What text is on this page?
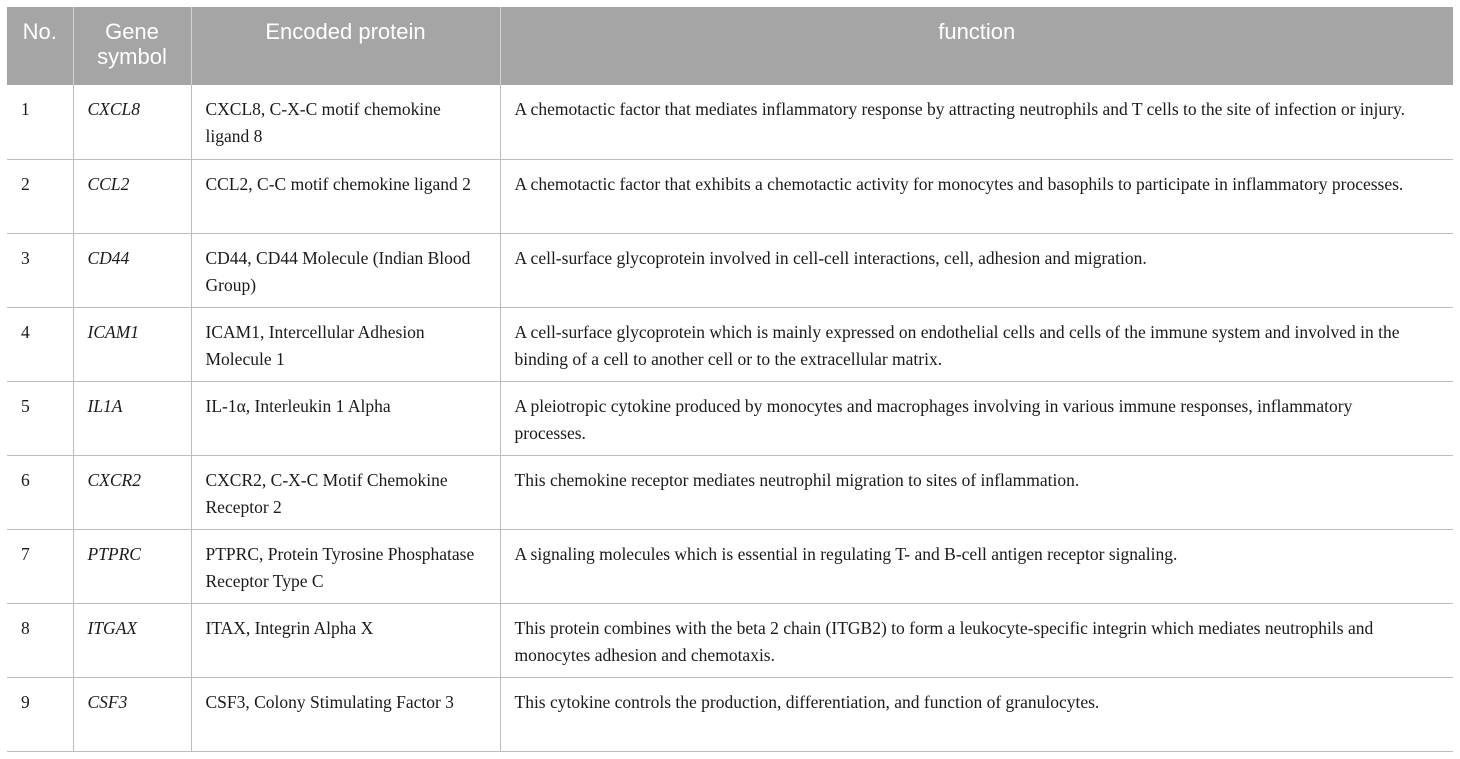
No.	Gene symbol	Encoded protein	function
1	CXCL8	CXCL8, C-X-C motif chemokine ligand 8	A chemotactic factor that mediates inflammatory response by attracting neutrophils and T cells to the site of infection or injury.
2	CCL2	CCL2, C-C motif chemokine ligand 2	A chemotactic factor that exhibits a chemotactic activity for monocytes and basophils to participate in inflammatory processes.
3	CD44	CD44, CD44 Molecule (Indian Blood Group)	A cell-surface glycoprotein involved in cell-cell interactions, cell, adhesion and migration.
4	ICAM1	ICAM1, Intercellular Adhesion Molecule 1	A cell-surface glycoprotein which is mainly expressed on endothelial cells and cells of the immune system and involved in the binding of a cell to another cell or to the extracellular matrix.
5	IL1A	IL-1α, Interleukin 1 Alpha	A pleiotropic cytokine produced by monocytes and macrophages involving in various immune responses, inflammatory processes.
6	CXCR2	CXCR2, C-X-C Motif Chemokine Receptor 2	This chemokine receptor mediates neutrophil migration to sites of inflammation.
7	PTPRC	PTPRC, Protein Tyrosine Phosphatase Receptor Type C	A signaling molecules which is essential in regulating T- and B-cell antigen receptor signaling.
8	ITGAX	ITAX, Integrin Alpha X	This protein combines with the beta 2 chain (ITGB2) to form a leukocyte-specific integrin which mediates neutrophils and monocytes adhesion and chemotaxis.
9	CSF3	CSF3, Colony Stimulating Factor 3	This cytokine controls the production, differentiation, and function of granulocytes.
